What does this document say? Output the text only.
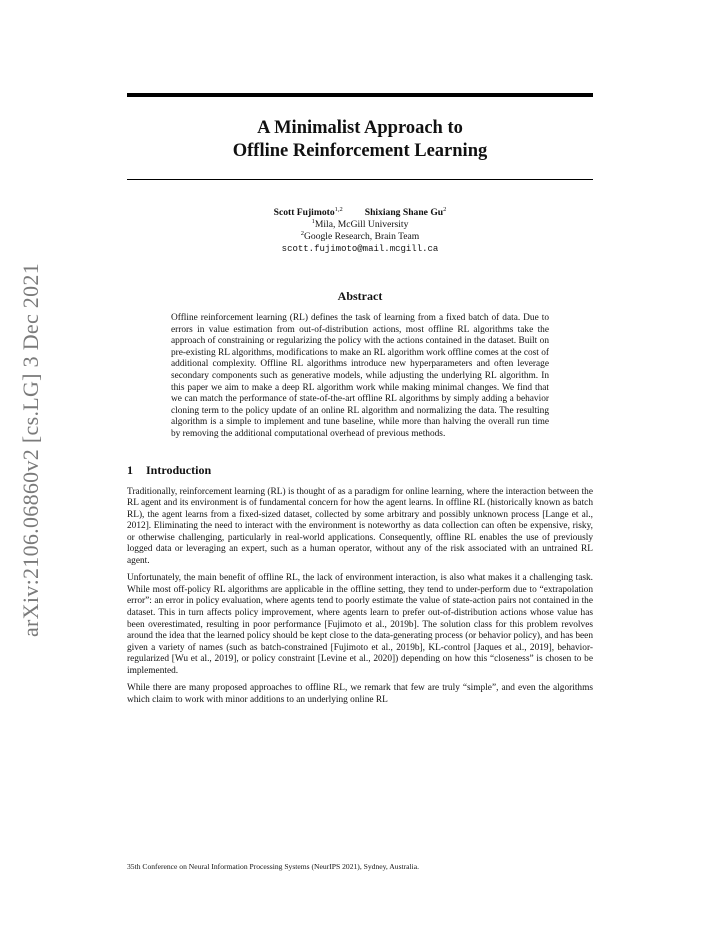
arXiv:2106.06860v2 [cs.LG] 3 Dec 2021
A Minimalist Approach to
Offline Reinforcement Learning
Scott Fujimoto$^{1,2}$ Shixiang Shane Gu$^2$
$^1$Mila, McGill University
$^2$Google Research, Brain Team
scott.fujimoto@mail.mcgill.ca
Abstract
Offline reinforcement learning (RL) defines the task of learning from a fixed batch of data. Due to errors in value estimation from out-of-distribution actions, most offline RL algorithms take the approach of constraining or regularizing the policy with the actions contained in the dataset. Built on pre-existing RL algorithms, modifications to make an RL algorithm work offline comes at the cost of additional complexity. Offline RL algorithms introduce new hyperparameters and often leverage secondary components such as generative models, while adjusting the underlying RL algorithm. In this paper we aim to make a deep RL algorithm work while making minimal changes. We find that we can match the performance of state-of-the-art offline RL algorithms by simply adding a behavior cloning term to the policy update of an online RL algorithm and normalizing the data. The resulting algorithm is a simple to implement and tune baseline, while more than halving the overall run time by removing the additional computational overhead of previous methods.
1 Introduction
Traditionally, reinforcement learning (RL) is thought of as a paradigm for online learning, where the interaction between the RL agent and its environment is of fundamental concern for how the agent learns. In offline RL (historically known as batch RL), the agent learns from a fixed-sized dataset, collected by some arbitrary and possibly unknown process [Lange et al., 2012]. Eliminating the need to interact with the environment is noteworthy as data collection can often be expensive, risky, or otherwise challenging, particularly in real-world applications. Consequently, offline RL enables the use of previously logged data or leveraging an expert, such as a human operator, without any of the risk associated with an untrained RL agent.
Unfortunately, the main benefit of offline RL, the lack of environment interaction, is also what makes it a challenging task. While most off-policy RL algorithms are applicable in the offline setting, they tend to under-perform due to “extrapolation error”: an error in policy evaluation, where agents tend to poorly estimate the value of state-action pairs not contained in the dataset. This in turn affects policy improvement, where agents learn to prefer out-of-distribution actions whose value has been overestimated, resulting in poor performance [Fujimoto et al., 2019b]. The solution class for this problem revolves around the idea that the learned policy should be kept close to the data-generating process (or behavior policy), and has been given a variety of names (such as batch-constrained [Fujimoto et al., 2019b], KL-control [Jaques et al., 2019], behavior-regularized [Wu et al., 2019], or policy constraint [Levine et al., 2020]) depending on how this “closeness” is chosen to be implemented.
While there are many proposed approaches to offline RL, we remark that few are truly “simple”, and even the algorithms which claim to work with minor additions to an underlying online RL
35th Conference on Neural Information Processing Systems (NeurIPS 2021), Sydney, Australia.
